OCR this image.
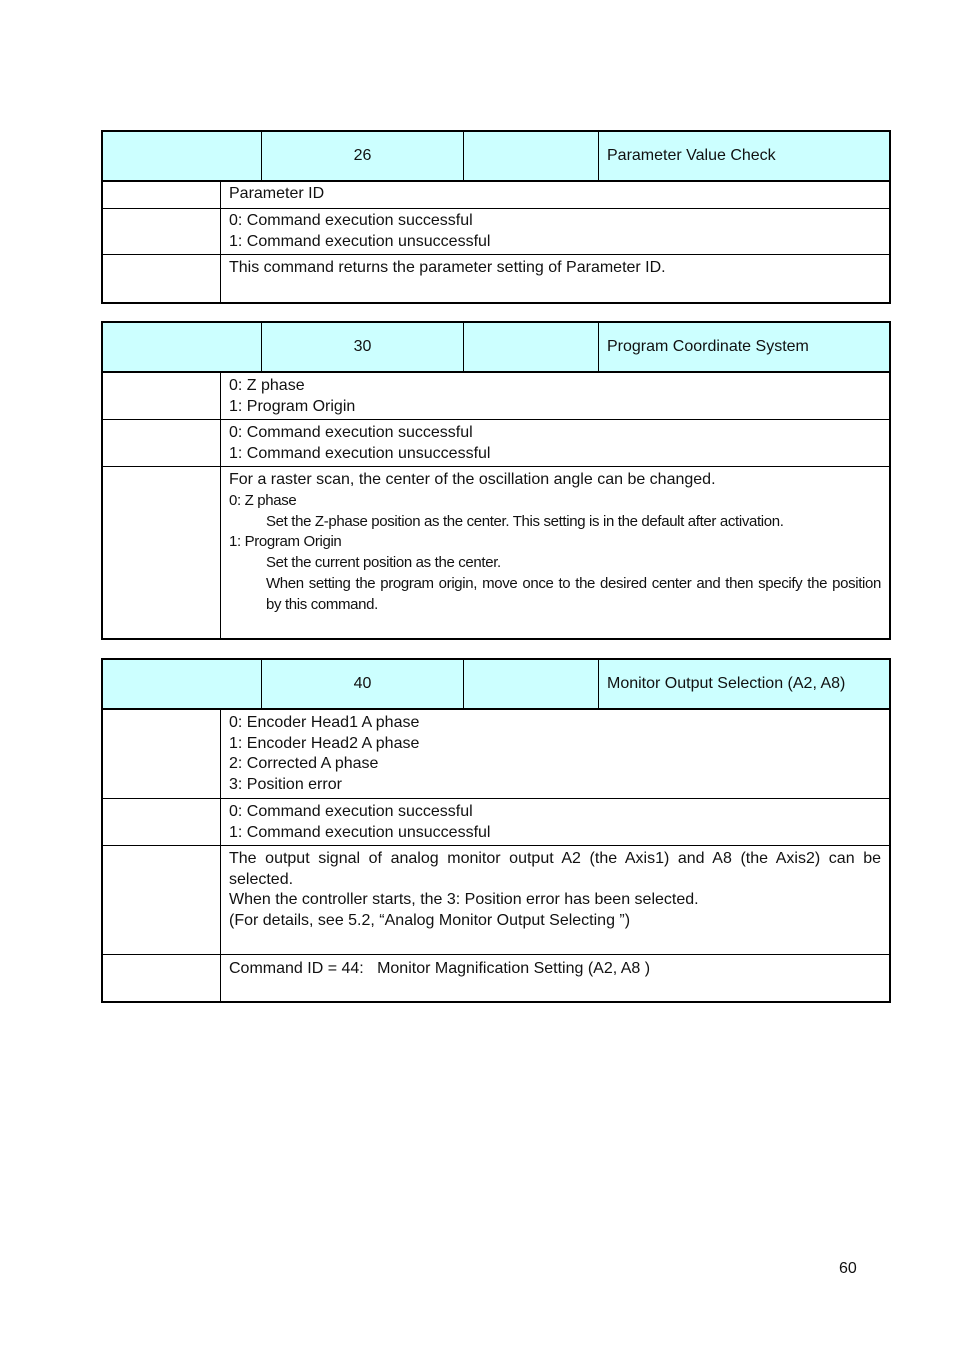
26	Parameter Value Check

Parameter ID

0: Command execution successful

1: Command execution unsuccessful

This command returns the parameter setting of Parameter ID.

30	Program Coordinate System

0: Z phase

1: Program Origin

0: Command execution successful

1: Command execution unsuccessful

For a raster scan, the center of the oscillation angle can be changed.

0: Z phase

Set the Z-phase position as the center. This setting is in the default after activation.

1: Program Origin

Set the current position as the center.

When setting the program origin, move once to the desired center and then specify the position by this command.

40	Monitor Output Selection (A2, A8)

0: Encoder Head1 A phase

1: Encoder Head2 A phase

2: Corrected A phase

3: Position error

0: Command execution successful

1: Command execution unsuccessful

The output signal of analog monitor output A2 (the Axis1) and A8 (the Axis2) can be selected.

When the controller starts, the 3: Position error has been selected.

(For details, see 5.2, “Analog Monitor Output Selecting ”)

Command ID = 44:   Monitor Magnification Setting (A2, A8 )

60
